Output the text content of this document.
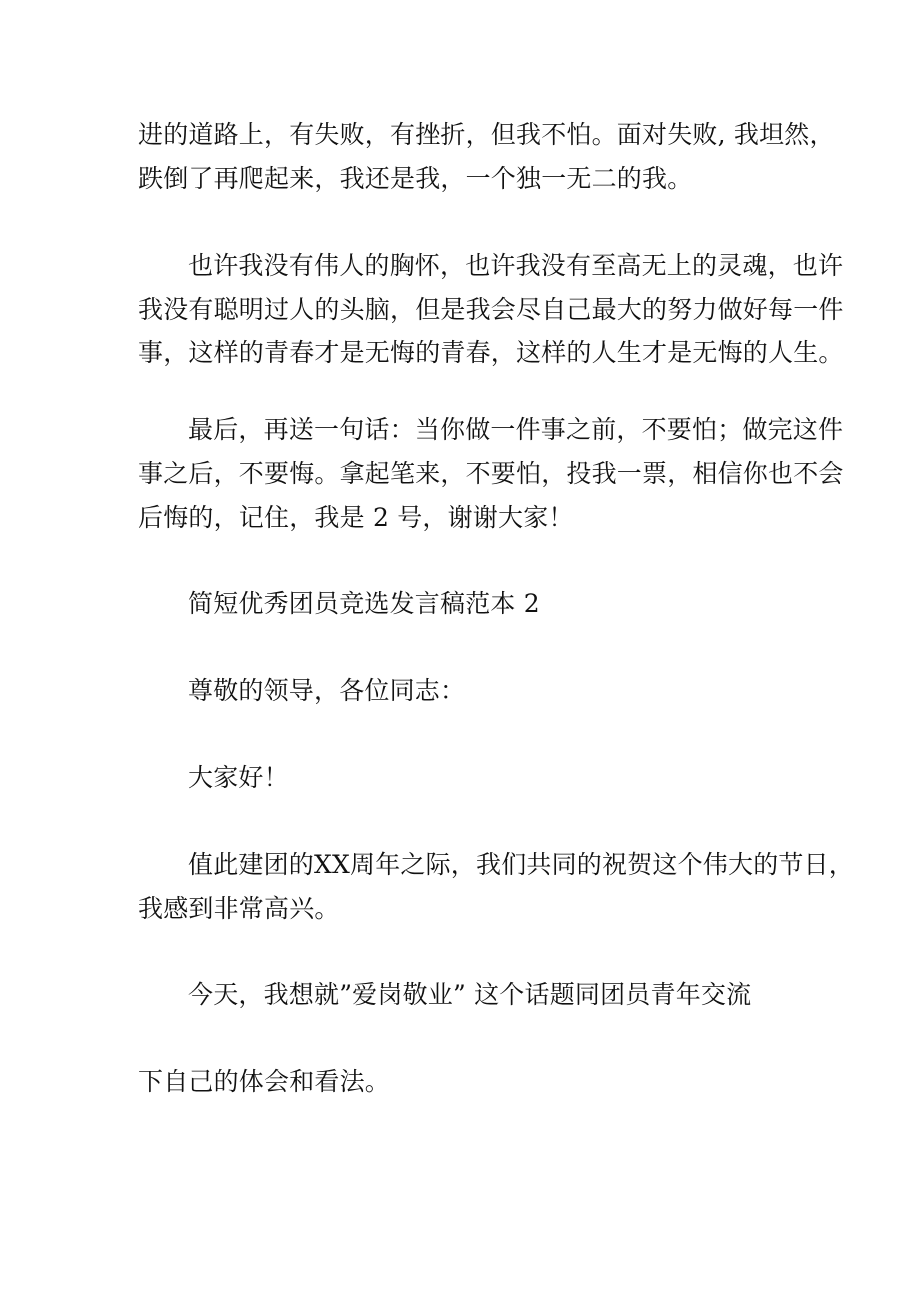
进的道路上，有失败，有挫折，但我不怕。面对失败, 我坦然，
跌倒了再爬起来，我还是我，一个独一无二的我。
也许我没有伟人的胸怀，也许我没有至高无上的灵魂，也许
我没有聪明过人的头脑，但是我会尽自己最大的努力做好每一件
事，这样的青春才是无悔的青春，这样的人生才是无悔的人生。
最后，再送一句话：当你做一件事之前，不要怕；做完这件
事之后，不要悔。拿起笔来，不要怕，投我一票，相信你也不会
后悔的，记住，我是 2 号，谢谢大家！
简短优秀团员竞选发言稿范本 2
尊敬的领导，各位同志：
大家好！
值此建团的XX周年之际，我们共同的祝贺这个伟大的节日，
我感到非常高兴。
今天，我想就”爱岗敬业” 这个话题同团员青年交流
下自己的体会和看法。
